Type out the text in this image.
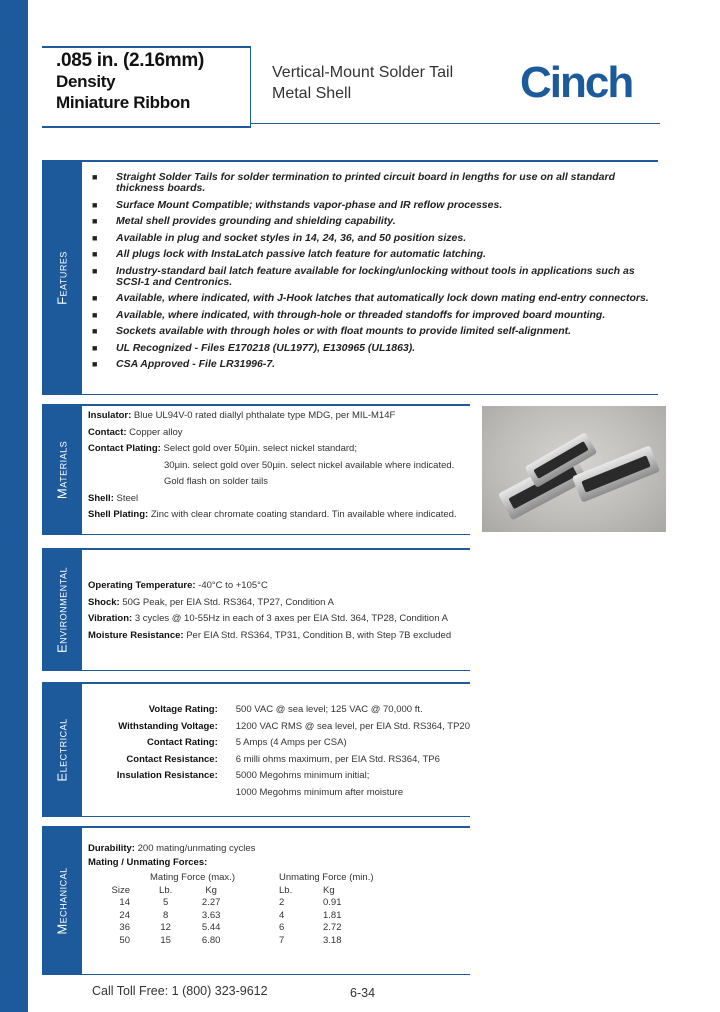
.085 in. (2.16mm)
Density
Miniature Ribbon
Vertical-Mount Solder Tail
Metal Shell	Cinch
Features
■ Straight Solder Tails for solder termination to printed circuit board in lengths for use on all standard thickness boards.
■ Surface Mount Compatible; withstands vapor-phase and IR reflow processes.
■ Metal shell provides grounding and shielding capability.
■ Available in plug and socket styles in 14, 24, 36, and 50 position sizes.
■ All plugs lock with InstaLatch passive latch feature for automatic latching.
■ Industry-standard bail latch feature available for locking/unlocking without tools in applications such as SCSI-1 and Centronics.
■ Available, where indicated, with J-Hook latches that automatically lock down mating end-entry connectors.
■ Available, where indicated, with through-hole or threaded standoffs for improved board mounting.
■ Sockets available with through holes or with float mounts to provide limited self-alignment.
■ UL Recognized - Files E170218 (UL1977), E130965 (UL1863).
■ CSA Approved - File LR31996-7.
Materials
Insulator: Blue UL94V-0 rated diallyl phthalate type MDG, per MIL-M14F
Contact: Copper alloy
Contact Plating: Select gold over 50μin. select nickel standard;
30μin. select gold over 50μin. select nickel available where indicated.
Gold flash on solder tails
Shell: Steel
Shell Plating: Zinc with clear chromate coating standard. Tin available where indicated.
Environmental Operating Temperature: -40°C to +105°C
Shock: 50G Peak, per EIA Std. RS364, TP27, Condition A
Vibration: 3 cycles @ 10-55Hz in each of 3 axes per EIA Std. 364, TP28, Condition A
Moisture Resistance: Per EIA Std. RS364, TP31, Condition B, with Step 7B excluded
Electrical
Voltage Rating:	500 VAC @ sea level; 125 VAC @ 70,000 ft.
Withstanding Voltage:	1200 VAC RMS @ sea level, per EIA Std. RS364, TP20
Contact Rating:	5 Amps (4 Amps per CSA)
Contact Resistance:	6 milli ohms maximum, per EIA Std. RS364, TP6
Insulation Resistance:	5000 Megohms minimum initial;
	1000 Megohms minimum after moisture
Mechanical
Durability: 200 mating/unmating cycles
Mating / Unmating Forces:
	Mating Force (max.)			Unmating Force (min.)	
Size	Lb.	Kg		Lb.	Kg
14	5	2.27		2	0.91
24	8	3.63		4	1.81
36	12	5.44		6	2.72
50	15	6.80		7	3.18
Call Toll Free: 1 (800) 323-9612	6-34
